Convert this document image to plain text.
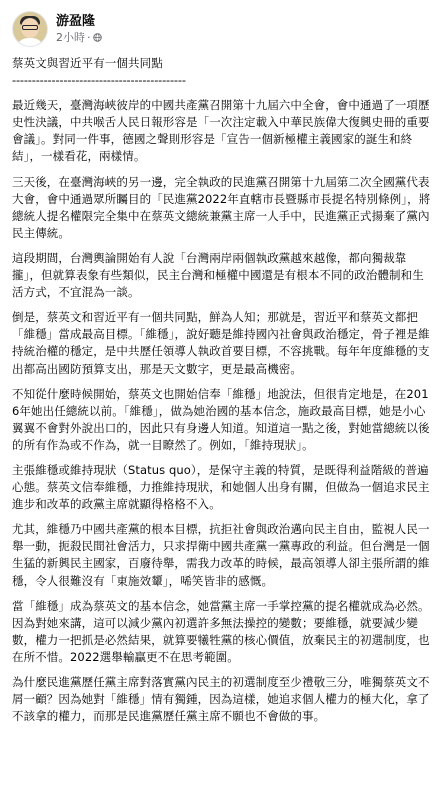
游盈隆
2小時 ·

蔡英文與習近平有一個共同點

--------------------------------------------

最近幾天，臺灣海峽彼岸的中國共產黨召開第十九屆六中全會，會中通過了一項歷史性決議，中共喉舌人民日報形容是「一次注定載入中華民族偉大復興史冊的重要會議」。對同一件事，德國之聲則形容是「宣告一個新極權主義國家的誕生和終結」，一樣看花，兩樣情。

三天後，在臺灣海峽的另一邊，完全執政的民進黨召開第十九屆第二次全國黨代表大會，會中通過眾所矚目的「民進黨2022年直轄市長暨縣市長提名特別條例」，將總統人提名權限完全集中在蔡英文總統兼黨主席一人手中，民進黨正式揚棄了黨內民主傳統。

這段期間，台灣輿論開始有人說「台灣兩岸兩個執政黨越來越像，都向獨裁靠攏」，但就算表象有些類似，民主台灣和極權中國還是有根本不同的政治體制和生活方式，不宜混為一談。

倒是，蔡英文和習近平有一個共同點，鮮為人知；那就是，習近平和蔡英文都把「維穩」當成最高目標。「維穩」，說好聽是維持國內社會與政治穩定，骨子裡是維持統治權的穩定，是中共歷任領導人執政首要目標，不容挑戰。每年年度維穩的支出都高出國防預算支出，那是天文數字，更是最高機密。

不知從什麼時候開始，蔡英文也開始信奉「維穩」地說法，但很肯定地是，在2016年她出任總統以前。「維穩」，做為她治國的基本信念，施政最高目標，她是小心翼翼不會對外說出口的，因此只有身邊人知道。知道這一點之後，對她當總統以後的所有作為或不作為，就一目瞭然了。例如，「維持現狀」。

主張維穩或維持現狀（Status quo），是保守主義的特質，是既得利益階級的普遍心態。蔡英文信奉維穩，力推維持現狀，和她個人出身有關，但做為一個追求民主進步和改革的政黨主席就顯得格格不入。

尤其，維穩乃中國共產黨的根本目標，抗拒社會與政治邁向民主自由，監視人民一舉一動，扼殺民間社會活力，只求捍衛中國共產黨一黨專政的利益。但台灣是一個生猛的新興民主國家，百廢待舉，需我力改革的時候，最高領導人卻主張所謂的維穩，令人很難沒有「東施效顰」，唏笑皆非的感慨。

當「維穩」成為蔡英文的基本信念，她當黨主席一手掌控黨的提名權就成為必然。因為對她來講，這可以減少黨內初選許多無法操控的變數；要維穩，就要減少變數，權力一把抓是必然結果，就算要犧牲黨的核心價值，放棄民主的初選制度，也在所不惜。2022選舉輸贏更不在思考範圍。

為什麼民進黨歷任黨主席對落實黨內民主的初選制度至少禮敬三分，唯獨蔡英文不屑一顧？因為她對「維穩」情有獨鍾，因為這樣，她追求個人權力的極大化，拿了不該拿的權力，而那是民進黨歷任黨主席不願也不會做的事。
